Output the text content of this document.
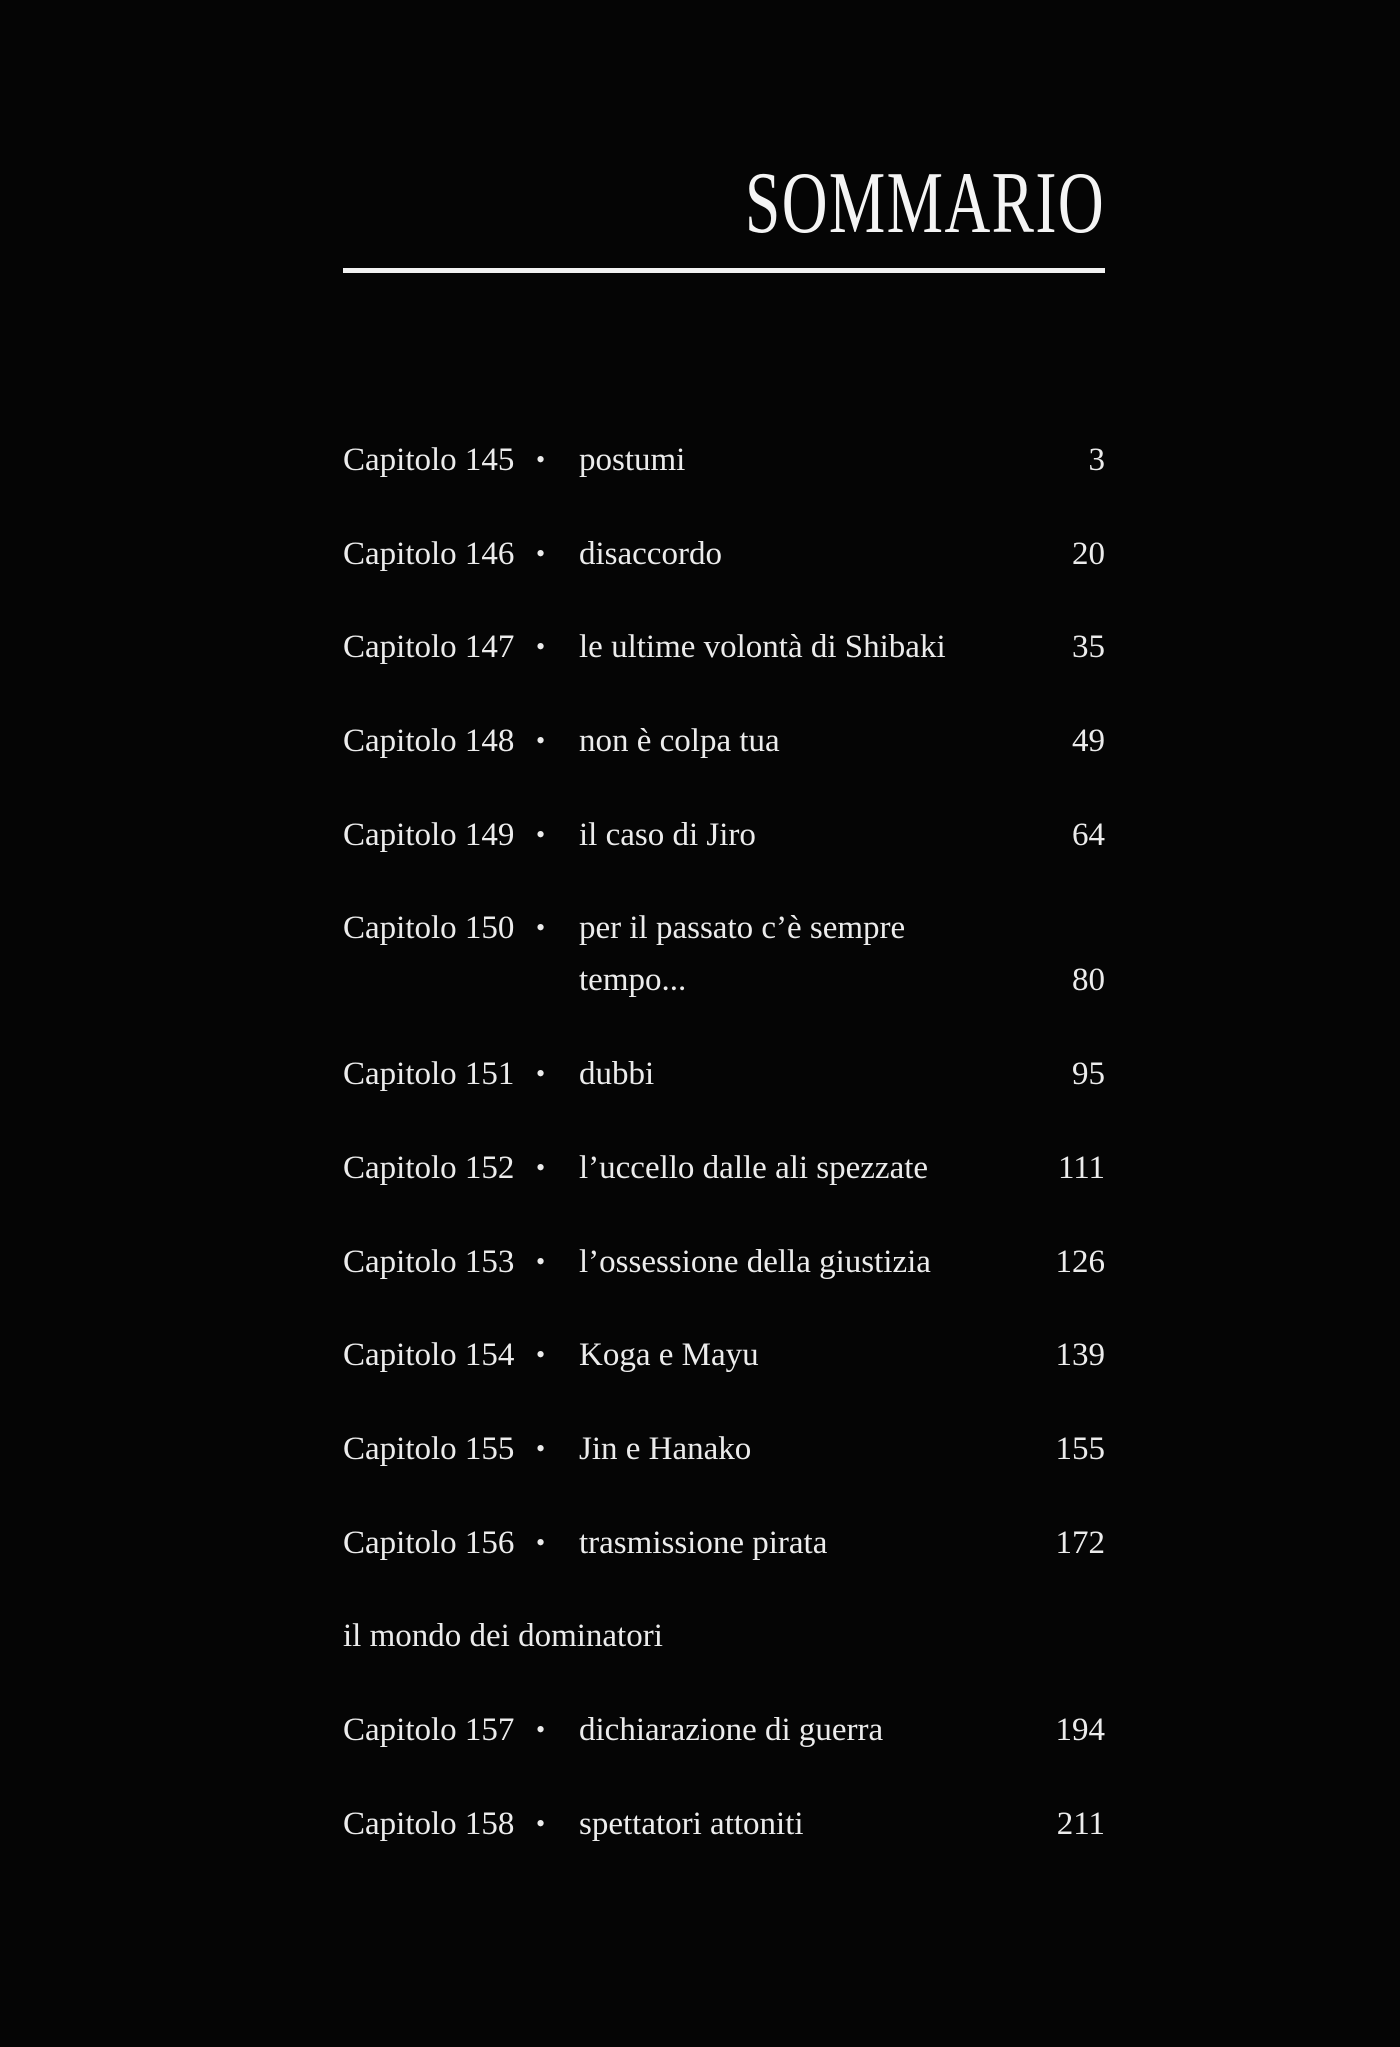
SOMMARIO
Capitolo 145 •	postumi	3
Capitolo 146 •	disaccordo	20
Capitolo 147 •	le ultime volontà di Shibaki	35
Capitolo 148 •	non è colpa tua	49
Capitolo 149 •	il caso di Jiro	64
Capitolo 150 •	per il passato c’è sempre tempo...	80
Capitolo 151 •	dubbi	95
Capitolo 152 •	l’uccello dalle ali spezzate	111
Capitolo 153 •	l’ossessione della giustizia	126
Capitolo 154 •	Koga e Mayu	139
Capitolo 155 •	Jin e Hanako	155
Capitolo 156 •	trasmissione pirata	172
il mondo dei dominatori
Capitolo 157 •	dichiarazione di guerra	194
Capitolo 158 •	spettatori attoniti	211
